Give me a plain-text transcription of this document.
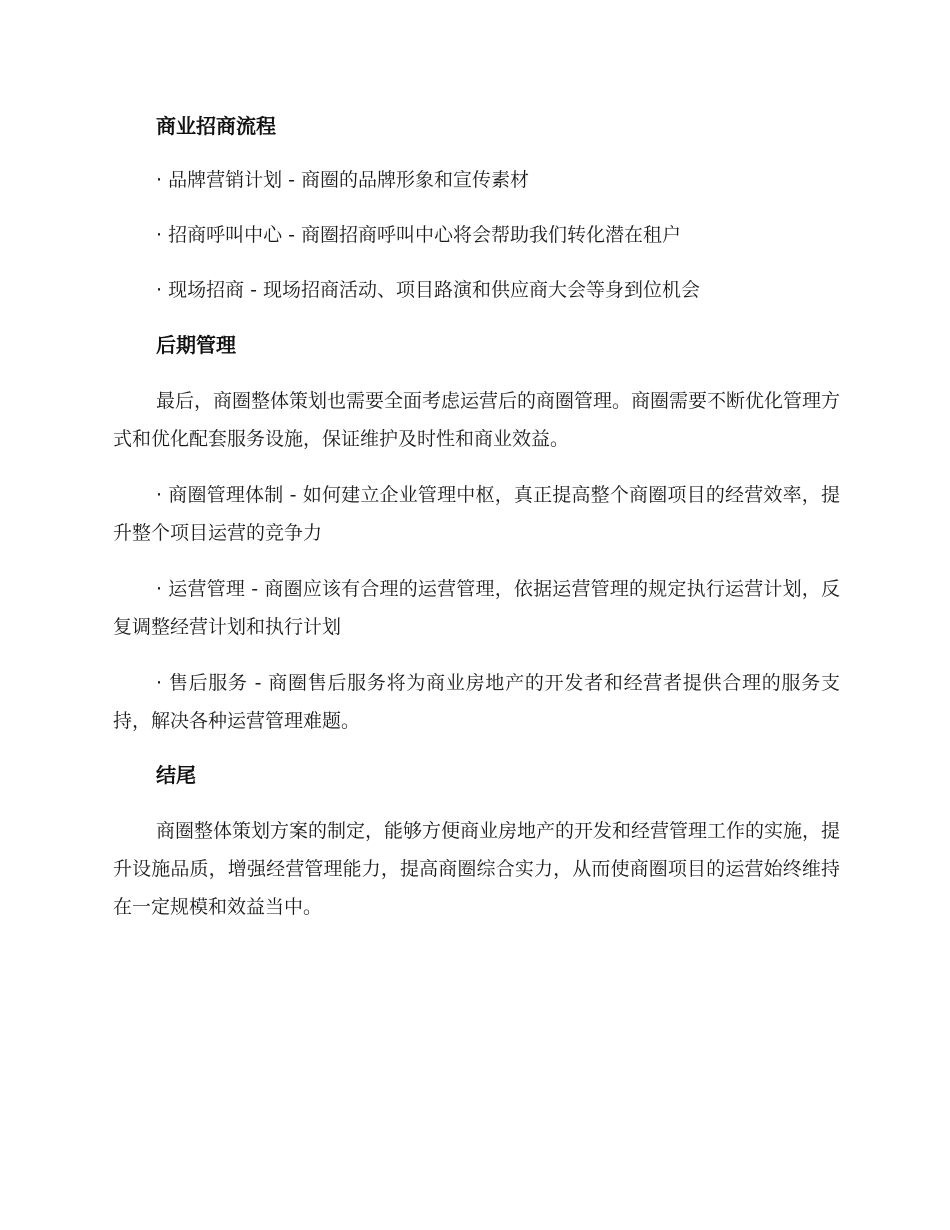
商业招商流程

· 品牌营销计划 - 商圈的品牌形象和宣传素材

· 招商呼叫中心 - 商圈招商呼叫中心将会帮助我们转化潜在租户

· 现场招商 - 现场招商活动、项目路演和供应商大会等身到位机会

后期管理

最后，商圈整体策划也需要全面考虑运营后的商圈管理。商圈需要不断优化管理方式和优化配套服务设施，保证维护及时性和商业效益。

· 商圈管理体制 - 如何建立企业管理中枢，真正提高整个商圈项目的经营效率，提升整个项目运营的竞争力

· 运营管理 - 商圈应该有合理的运营管理，依据运营管理的规定执行运营计划，反复调整经营计划和执行计划

· 售后服务 - 商圈售后服务将为商业房地产的开发者和经营者提供合理的服务支持，解决各种运营管理难题。

结尾

商圈整体策划方案的制定，能够方便商业房地产的开发和经营管理工作的实施，提升设施品质，增强经营管理能力，提高商圈综合实力，从而使商圈项目的运营始终维持在一定规模和效益当中。
